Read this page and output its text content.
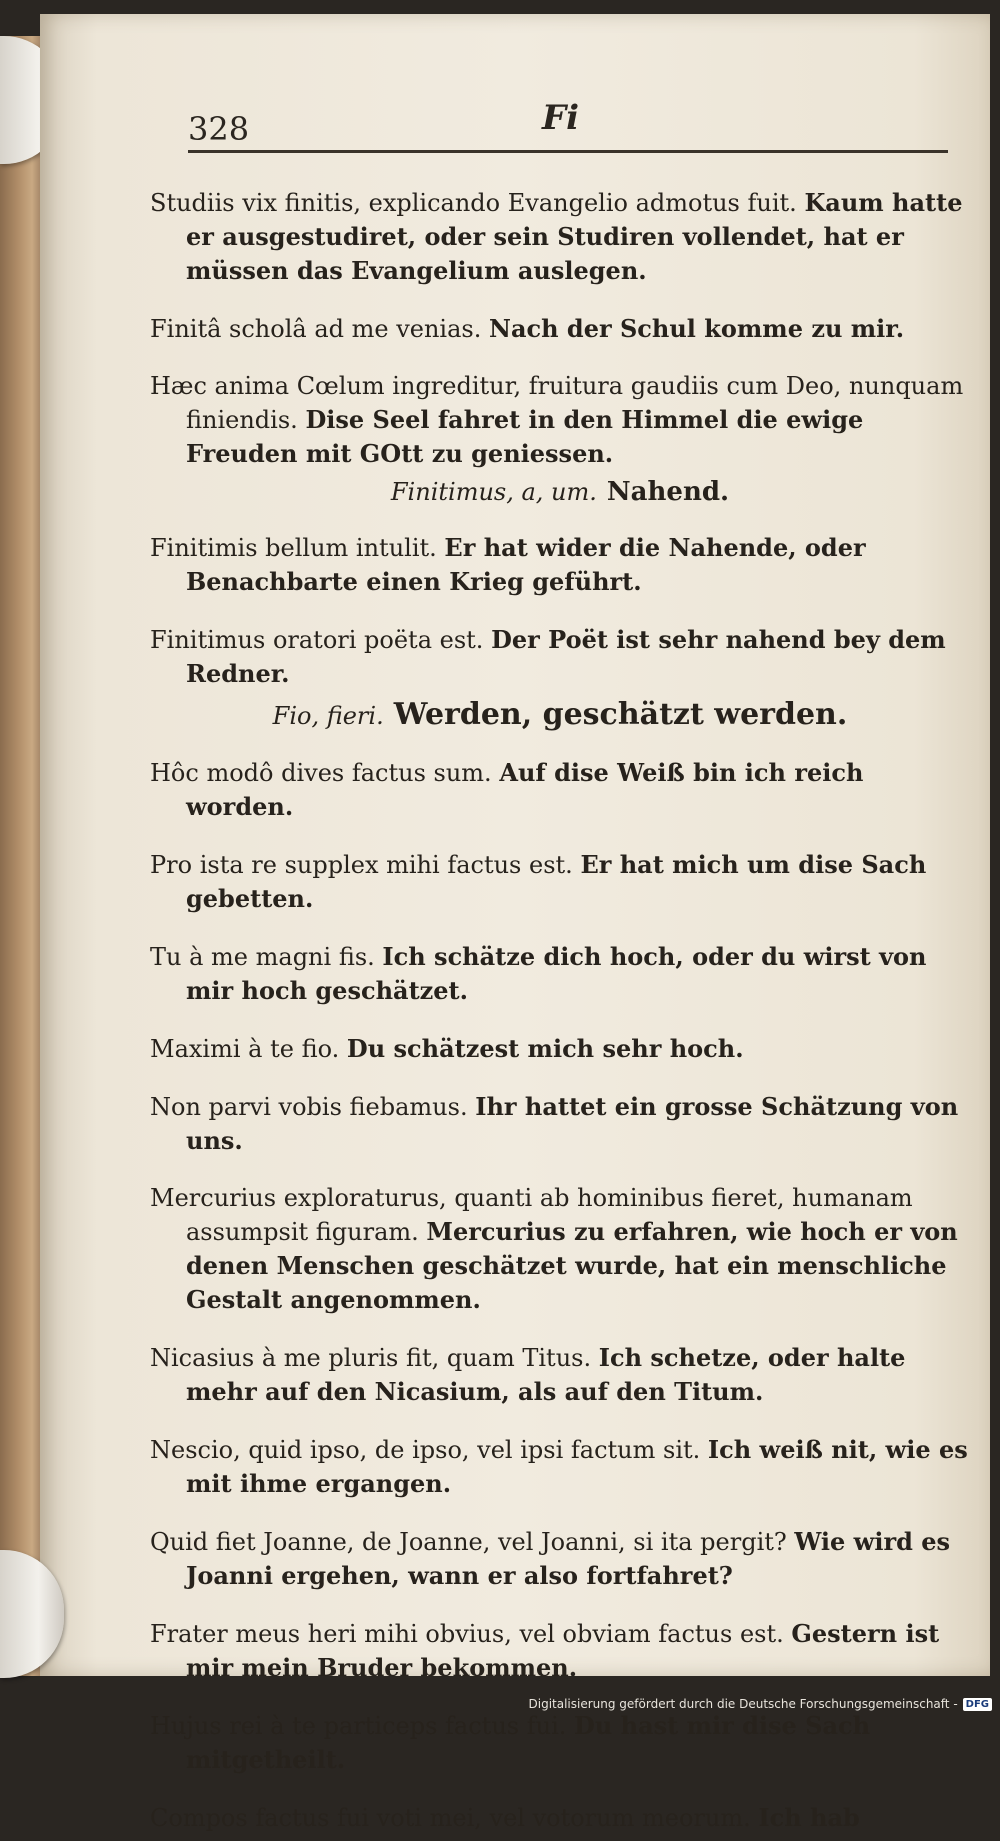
328	Fi

Studiis vix finitis, explicando Evangelio admotus fuit. Kaum hatte er ausgestudiret, oder sein Studiren vollendet, hat er müssen das Evangelium auslegen.

Finitâ scholâ ad me venias. Nach der Schul komme zu mir.

Hæc anima Cœlum ingreditur, fruitura gaudiis cum Deo, nunquam finiendis. Dise Seel fahret in den Himmel die ewige Freuden mit GOtt zu geniessen.

Finitimus, a, um. Nahend.

Finitimis bellum intulit. Er hat wider die Nahende, oder Benachbarte einen Krieg geführt.

Finitimus oratori poëta est. Der Poët ist sehr nahend bey dem Redner.

Fio, fieri. Werden, geschätzt werden.

Hôc modô dives factus sum. Auf dise Weiß bin ich reich worden.

Pro ista re supplex mihi factus est. Er hat mich um dise Sach gebetten.

Tu à me magni fis. Ich schätze dich hoch, oder du wirst von mir hoch geschätzet.

Maximi à te fio. Du schätzest mich sehr hoch.

Non parvi vobis fiebamus. Ihr hattet ein grosse Schätzung von uns.

Mercurius exploraturus, quanti ab hominibus fieret, humanam assumpsit figuram. Mercurius zu erfahren, wie hoch er von denen Menschen geschätzet wurde, hat ein menschliche Gestalt angenommen.

Nicasius à me pluris fit, quam Titus. Ich schetze, oder halte mehr auf den Nicasium, als auf den Titum.

Nescio, quid ipso, de ipso, vel ipsi factum sit. Ich weiß nit, wie es mit ihme ergangen.

Quid fiet Joanne, de Joanne, vel Joanni, si ita pergit? Wie wird es Joanni ergehen, wann er also fortfahret?

Frater meus heri mihi obvius, vel obviam factus est. Gestern ist mir mein Bruder bekommen.

Hujus rei à te particeps factus fui. Du hast mir dise Sach mitgetheilt.

Compos factus fui voti mei, vel votorum meorum. Ich hab

Digitalisierung gefördert durch die Deutsche Forschungsgemeinschaft - DFG
